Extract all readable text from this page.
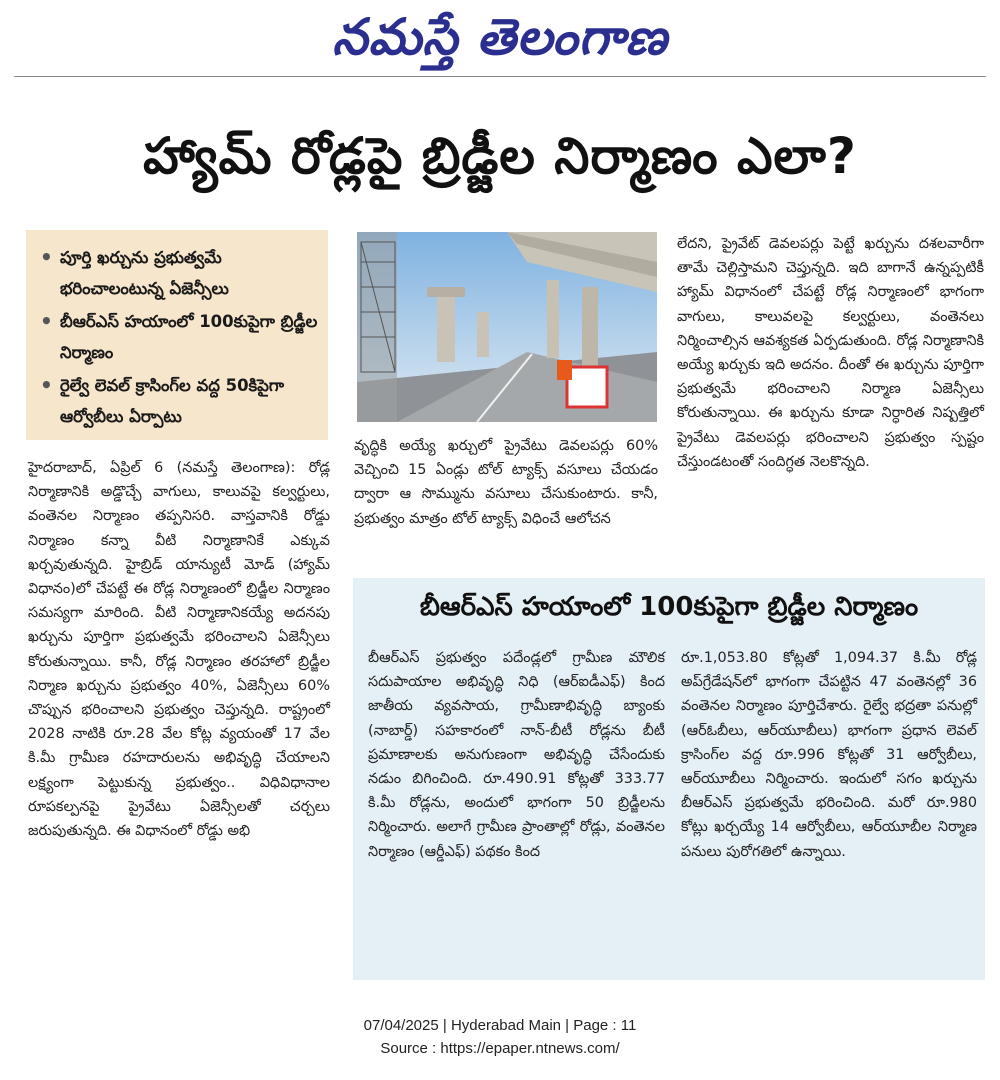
నమస్తే తెలంగాణ
హ్యామ్ రోడ్లపై బ్రిడ్జీల నిర్మాణం ఎలా?
• పూర్తి ఖర్చును ప్రభుత్వమే భరించాలంటున్న ఏజెన్సీలు
• బీఆర్ఎస్ హయాంలో 100కుపైగా బ్రిడ్జీల నిర్మాణం
• రైల్వే లెవల్ క్రాసింగ్‌ల వద్ద 50కిపైగా ఆర్వోబీలు ఏర్పాటు

హైదరాబాద్, ఏప్రిల్ 6 (నమస్తే తెలంగాణ): రోడ్ల నిర్మాణానికి అడ్డొచ్చే వాగులు, కాలువపై కల్వర్టులు, వంతెనల నిర్మాణం తప్పనిసరి. వాస్తవానికి రోడ్డు నిర్మాణం కన్నా వీటి నిర్మాణానికే ఎక్కువ ఖర్చవుతున్నది. హైబ్రిడ్ యాన్యుటీ మోడ్ (హ్యామ్ విధానం)లో చేపట్టే ఈ రోడ్ల నిర్మాణంలో బ్రిడ్జీల నిర్మాణం సమస్యగా మారింది. వీటి నిర్మాణానికయ్యే అదనపు ఖర్చును పూర్తిగా ప్రభుత్వమే భరించాలని ఏజెన్సీలు కోరుతున్నాయి. కానీ, రోడ్ల నిర్మాణం తరహాలో బ్రిడ్జీల నిర్మాణ ఖర్చును ప్రభుత్వం 40%, ఏజెన్సీలు 60% చొప్పున భరించాలని ప్రభుత్వం చెప్తున్నది. రాష్ట్రంలో 2028 నాటికి రూ.28 వేల కోట్ల వ్యయంతో 17 వేల కి.మీ గ్రామీణ రహదారులను అభివృద్ధి చేయాలని లక్ష్యంగా పెట్టుకున్న ప్రభుత్వం.. విధివిధానాల రూపకల్పనపై ప్రైవేటు ఏజెన్సీలతో చర్చలు జరుపుతున్నది. ఈ విధానంలో రోడ్డు అభి

వృద్ధికి అయ్యే ఖర్చులో ప్రైవేటు డెవలపర్లు 60% వెచ్చించి 15 ఏండ్లు టోల్ ట్యాక్స్ వసూలు చేయడం ద్వారా ఆ సొమ్మును వసూలు చేసుకుంటారు. కానీ, ప్రభుత్వం మాత్రం టోల్ ట్యాక్స్ విధించే ఆలోచన

లేదని, ప్రైవేట్ డెవలపర్లు పెట్టే ఖర్చును దశలవారీగా తామే చెల్లిస్తామని చెప్తున్నది. ఇది బాగానే ఉన్నప్పటికీ హ్యామ్ విధానంలో చేపట్టే రోడ్ల నిర్మాణంలో భాగంగా వాగులు, కాలువలపై కల్వర్టులు, వంతెనలు నిర్మించాల్సిన ఆవశ్యకత ఏర్పడుతుంది. రోడ్ల నిర్మాణానికి అయ్యే ఖర్చుకు ఇది అదనం. దీంతో ఈ ఖర్చును పూర్తిగా ప్రభుత్వమే భరించాలని నిర్మాణ ఏజెన్సీలు కోరుతున్నాయి. ఈ ఖర్చును కూడా నిర్ధారిత నిష్పత్తిలో ప్రైవేటు డెవలపర్లు భరించాలని ప్రభుత్వం స్పష్టం చేస్తుండటంతో సందిగ్ధత నెలకొన్నది.

బీఆర్ఎస్ హయాంలో 100కుపైగా బ్రిడ్జీల నిర్మాణం

బీఆర్ఎస్ ప్రభుత్వం పదేండ్లలో గ్రామీణ మౌలిక సదుపాయాల అభివృద్ధి నిధి (ఆర్ఐడీఎఫ్) కింద జాతీయ వ్యవసాయ, గ్రామీణాభివృద్ధి బ్యాంకు (నాబార్డ్) సహకారంలో నాన్-బీటీ రోడ్లను బీటీ ప్రమాణాలకు అనుగుణంగా అభివృద్ధి చేసేందుకు నడుం బిగించింది. రూ.490.91 కోట్లతో 333.77 కి.మీ రోడ్లను, అందులో భాగంగా 50 బ్రిడ్జీలను నిర్మించారు. అలాగే గ్రామీణ ప్రాంతాల్లో రోడ్లు, వంతెనల నిర్మాణం (ఆర్డీఎఫ్) పథకం కింద

రూ.1,053.80 కోట్లతో 1,094.37 కి.మీ రోడ్ల అప్‌గ్రేడేషన్‌లో భాగంగా చేపట్టిన 47 వంతెనల్లో 36 వంతెనల నిర్మాణం పూర్తిచేశారు. రైల్వే భద్రతా పనుల్లో (ఆర్ఓబీలు, ఆర్‌యూబీలు) భాగంగా ప్రధాన లెవల్ క్రాసింగ్‌ల వద్ద రూ.996 కోట్లతో 31 ఆర్వోబీలు, ఆర్‌యూబీలు నిర్మించారు. ఇందులో సగం ఖర్చును బీఆర్ఎస్ ప్రభుత్వమే భరించింది. మరో రూ.980 కోట్లు ఖర్చయ్యే 14 ఆర్వోబీలు, ఆర్‌యూబీల నిర్మాణ పనులు పురోగతిలో ఉన్నాయి.

07/04/2025 | Hyderabad Main | Page : 11
Source : https://epaper.ntnews.com/
